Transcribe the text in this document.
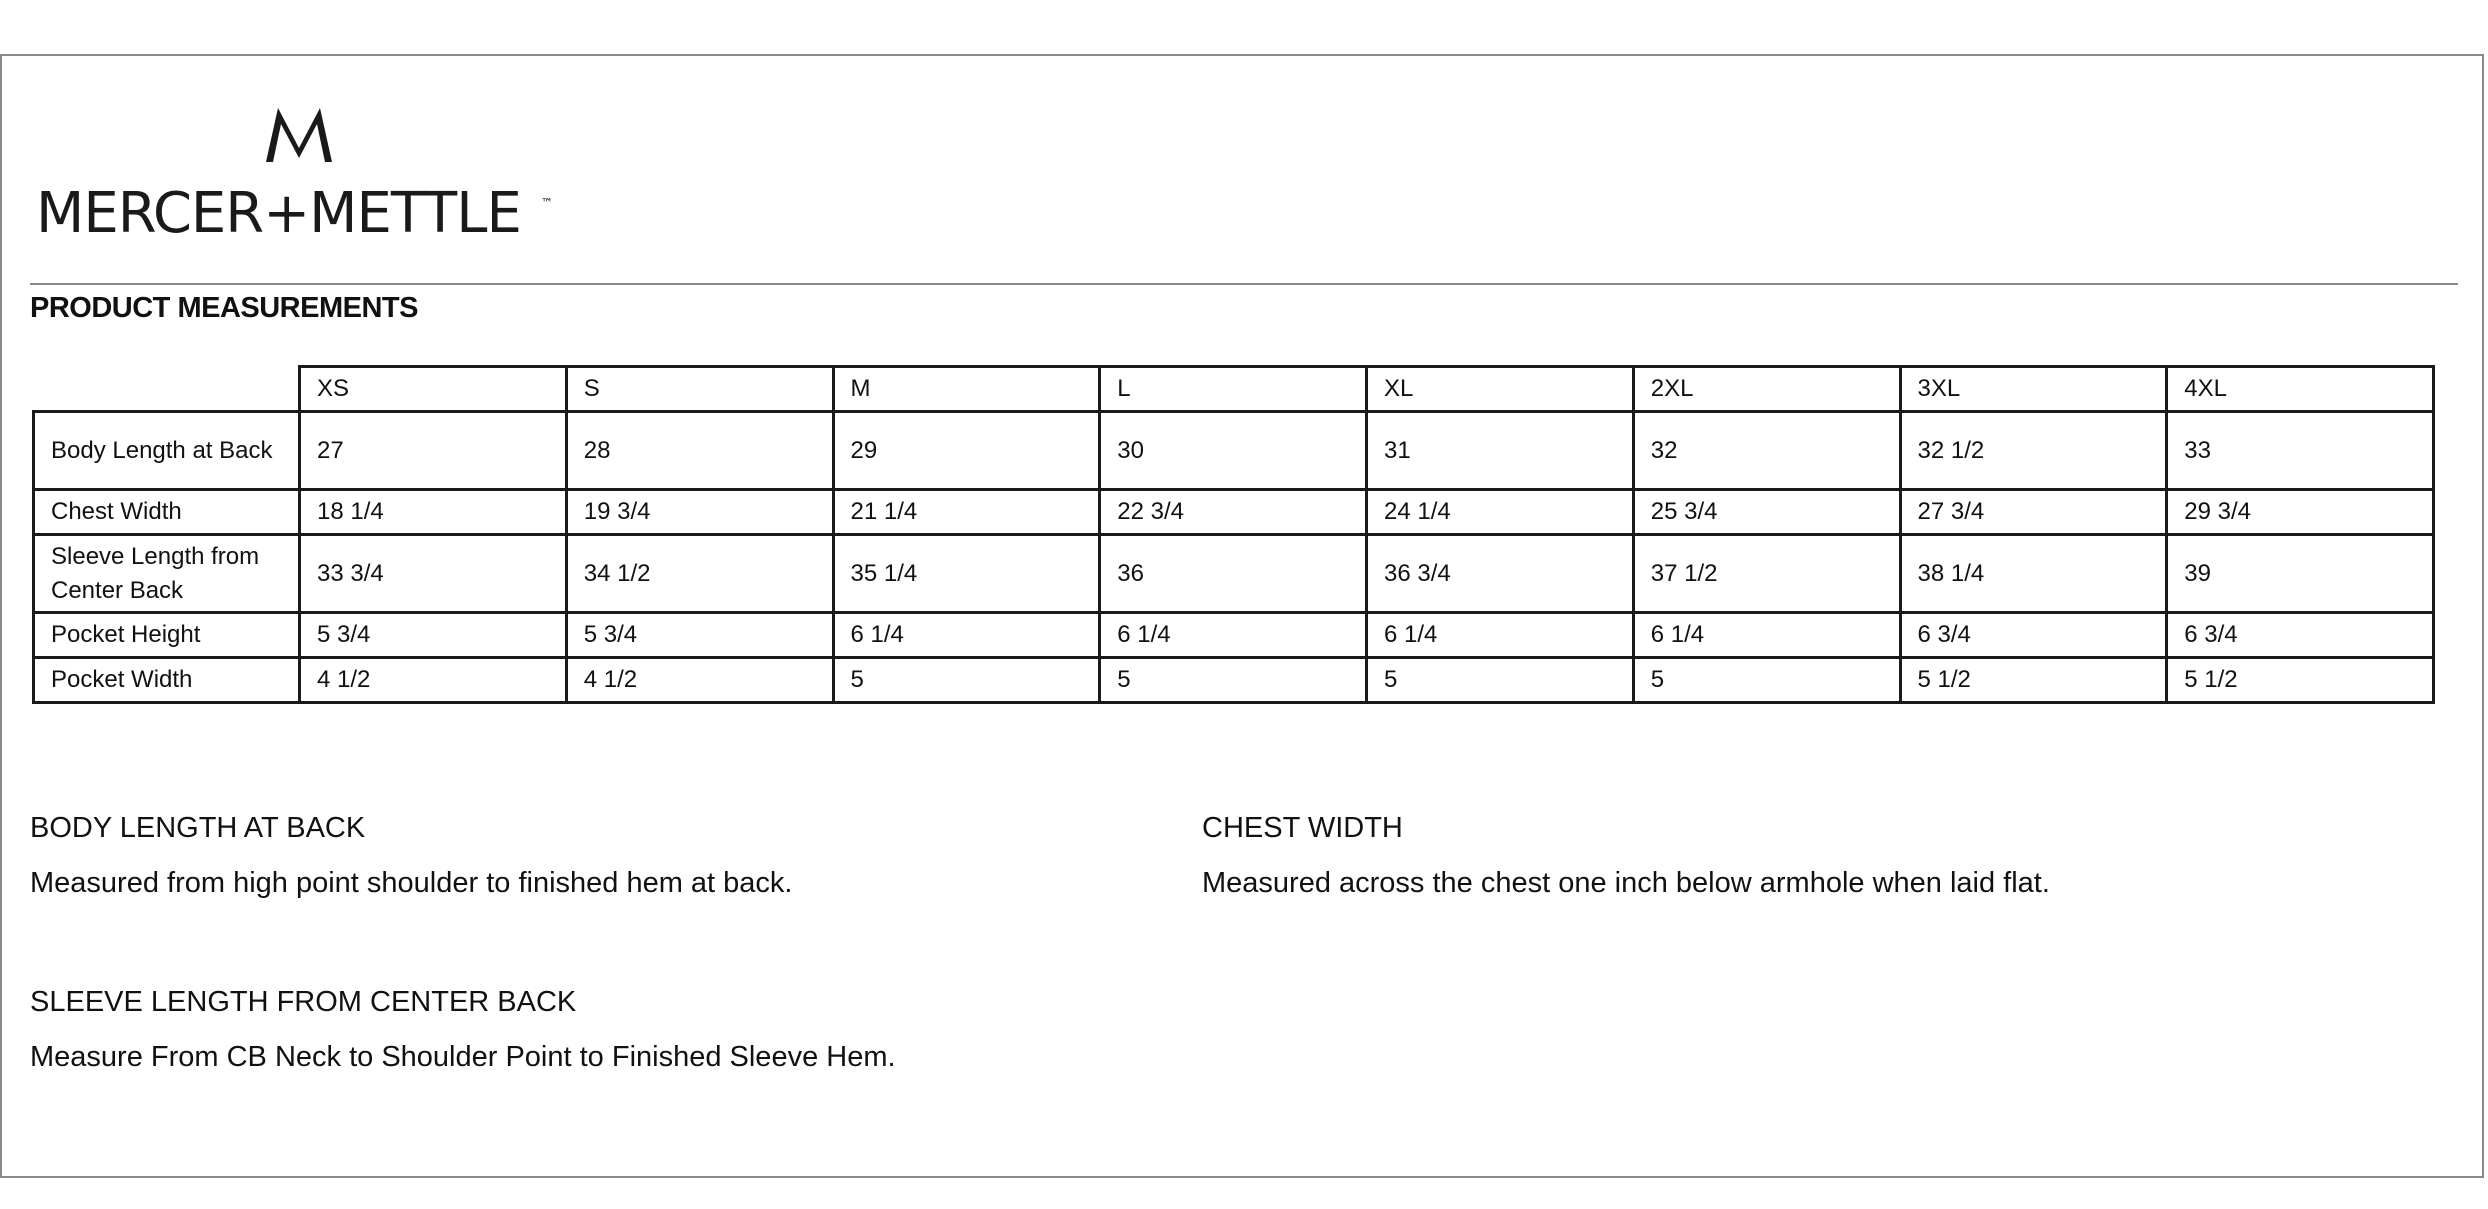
MERCER+METTLE ™
PRODUCT MEASUREMENTS
	XS	S	M	L	XL	2XL	3XL	4XL
Body Length at Back	27	28	29	30	31	32	32 1/2	33
Chest Width	18 1/4	19 3/4	21 1/4	22 3/4	24 1/4	25 3/4	27 3/4	29 3/4
Sleeve Length from Center Back	33 3/4	34 1/2	35 1/4	36	36 3/4	37 1/2	38 1/4	39
Pocket Height	5 3/4	5 3/4	6 1/4	6 1/4	6 1/4	6 1/4	6 3/4	6 3/4
Pocket Width	4 1/2	4 1/2	5	5	5	5	5 1/2	5 1/2

BODY LENGTH AT BACK

Measured from high point shoulder to finished hem at back.

CHEST WIDTH

Measured across the chest one inch below armhole when laid flat.

SLEEVE LENGTH FROM CENTER BACK

Measure From CB Neck to Shoulder Point to Finished Sleeve Hem.
